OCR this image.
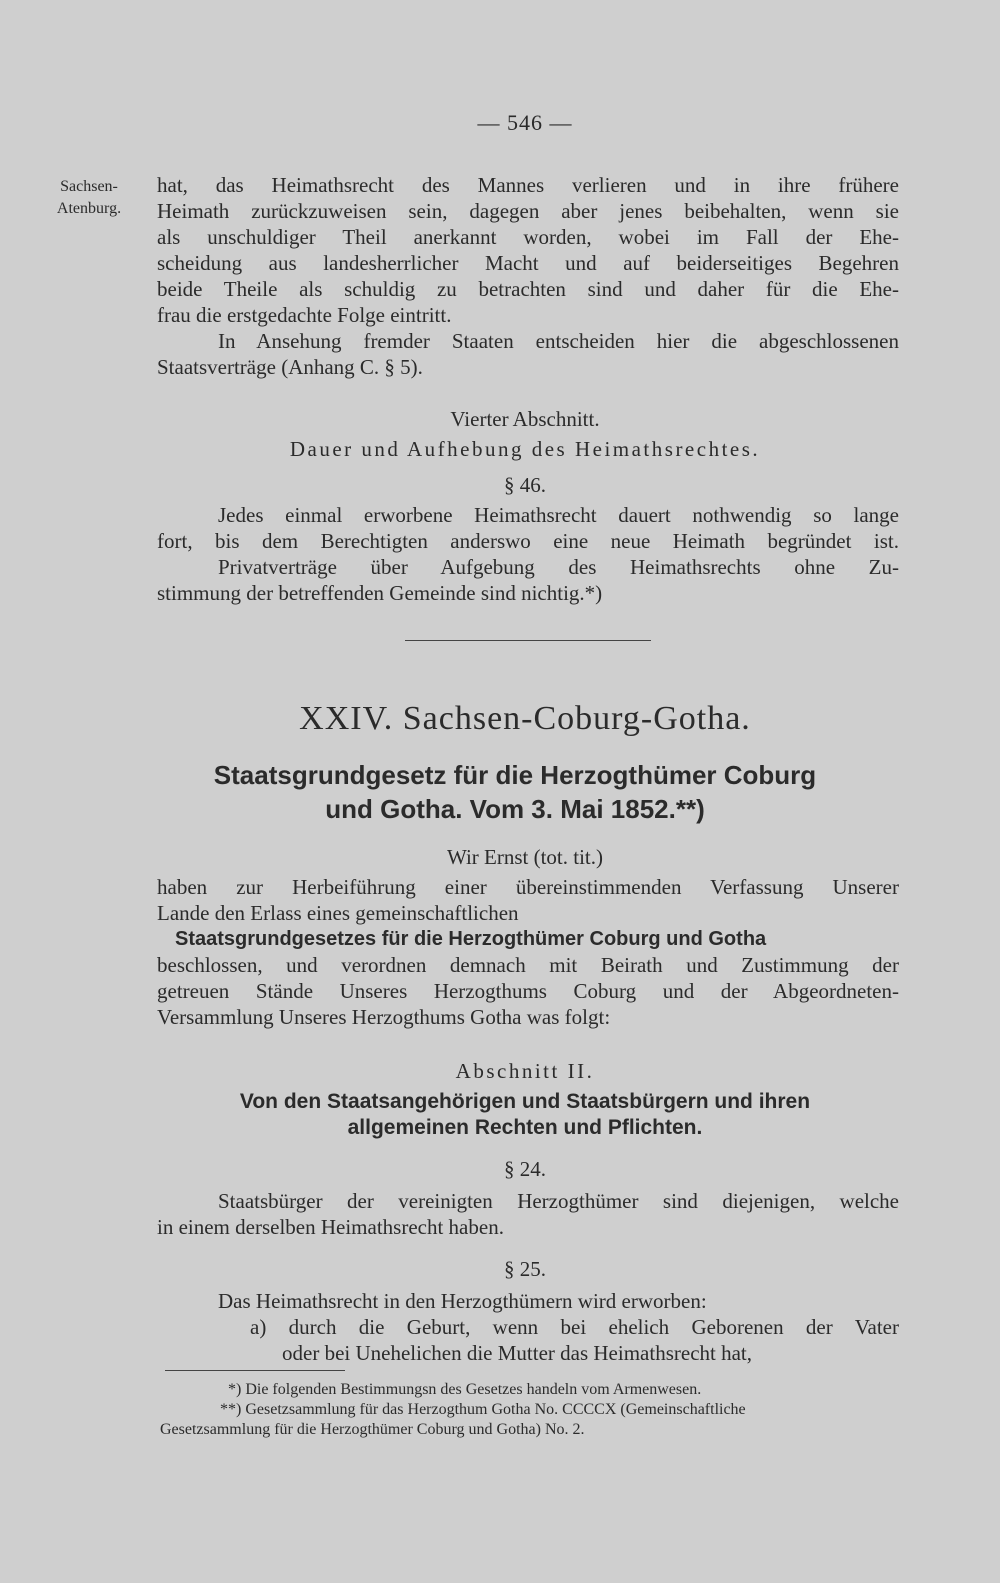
— 546 —
Sachsen-
Atenburg.
hat, das Heimathsrecht des Mannes verlieren und in ihre frühere
Heimath zurückzuweisen sein, dagegen aber jenes beibehalten, wenn sie
als unschuldiger Theil anerkannt worden, wobei im Fall der Ehe-
scheidung aus landesherrlicher Macht und auf beiderseitiges Begehren
beide Theile als schuldig zu betrachten sind und daher für die Ehe-
frau die erstgedachte Folge eintritt.
In Ansehung fremder Staaten entscheiden hier die abgeschlossenen
Staatsverträge (Anhang C. § 5).
Vierter Abschnitt.
Dauer und Aufhebung des Heimathsrechtes.
§ 46.
Jedes einmal erworbene Heimathsrecht dauert nothwendig so lange
fort, bis dem Berechtigten anderswo eine neue Heimath begründet ist.
Privatverträge über Aufgebung des Heimathsrechts ohne Zu-
stimmung der betreffenden Gemeinde sind nichtig.*)
XXIV. Sachsen-Coburg-Gotha.
Staatsgrundgesetz für die Herzogthümer Coburg
und Gotha. Vom 3. Mai 1852.**)
Wir Ernst (tot. tit.)
haben zur Herbeiführung einer übereinstimmenden Verfassung Unserer
Lande den Erlass eines gemeinschaftlichen
Staatsgrundgesetzes für die Herzogthümer Coburg und Gotha
beschlossen, und verordnen demnach mit Beirath und Zustimmung der
getreuen Stände Unseres Herzogthums Coburg und der Abgeordneten-
Versammlung Unseres Herzogthums Gotha was folgt:
Abschnitt II.
Von den Staatsangehörigen und Staatsbürgern und ihren
allgemeinen Rechten und Pflichten.
§ 24.
Staatsbürger der vereinigten Herzogthümer sind diejenigen, welche
in einem derselben Heimathsrecht haben.
§ 25.
Das Heimathsrecht in den Herzogthümern wird erworben:
a) durch die Geburt, wenn bei ehelich Geborenen der Vater
oder bei Unehelichen die Mutter das Heimathsrecht hat,
*) Die folgenden Bestimmungsn des Gesetzes handeln vom Armenwesen.
**) Gesetzsammlung für das Herzogthum Gotha No. CCCCX (Gemeinschaftliche
Gesetzsammlung für die Herzogthümer Coburg und Gotha) No. 2.
